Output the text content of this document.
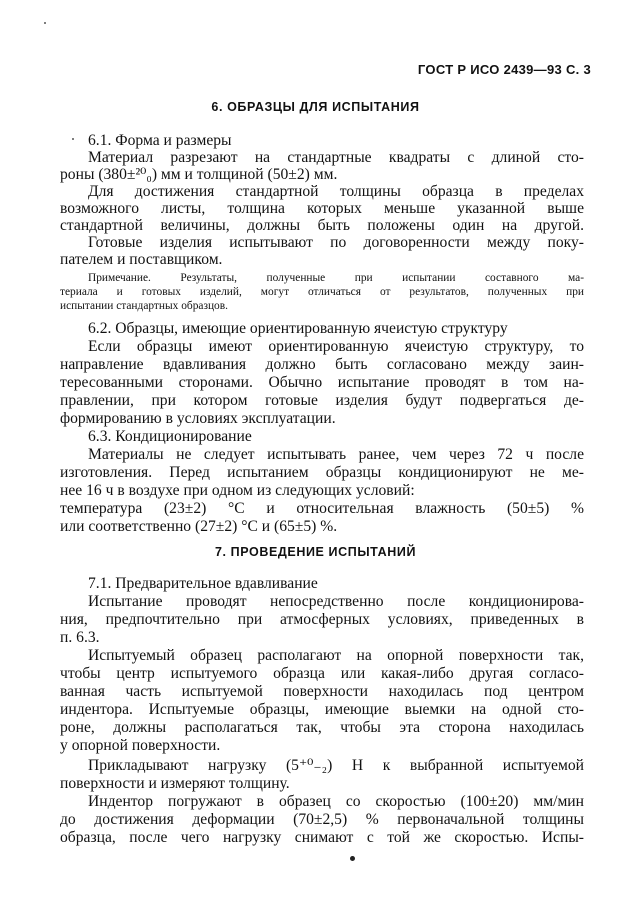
ГОСТ Р ИСО 2439—93 С. 3
6. ОБРАЗЦЫ ДЛЯ ИСПЫТАНИЯ
6.1. Форма и размеры
Материал разрезают на стандартные квадраты с длиной сто-
роны (380±²⁰₀) мм и толщиной (50±2) мм.
Для достижения стандартной толщины образца в пределах
возможного листы, толщина которых меньше указанной выше
стандартной величины, должны быть положены один на другой.
Готовые изделия испытывают по договоренности между поку-
пателем и поставщиком.
Примечание. Результаты, полученные при испытании составного ма-
териала и готовых изделий, могут отличаться от результатов, полученных при
испытании стандартных образцов.
6.2. Образцы, имеющие ориентированную ячеистую структуру
Если образцы имеют ориентированную ячеистую структуру, то
направление вдавливания должно быть согласовано между заин-
тересованными сторонами. Обычно испытание проводят в том на-
правлении, при котором готовые изделия будут подвергаться де-
формированию в условиях эксплуатации.
6.3. Кондиционирование
Материалы не следует испытывать ранее, чем через 72 ч после
изготовления. Перед испытанием образцы кондиционируют не ме-
нее 16 ч в воздухе при одном из следующих условий:
температура (23±2) °С и относительная влажность (50±5) %
или соответственно (27±2) °С и (65±5) %.
7. ПРОВЕДЕНИЕ ИСПЫТАНИЙ
7.1. Предварительное вдавливание
Испытание проводят непосредственно после кондиционирова-
ния, предпочтительно при атмосферных условиях, приведенных в
п. 6.3.
Испытуемый образец располагают на опорной поверхности так,
чтобы центр испытуемого образца или какая-либо другая согласо-
ванная часть испытуемой поверхности находилась под центром
индентора. Испытуемые образцы, имеющие выемки на одной сто-
роне, должны располагаться так, чтобы эта сторона находилась
у опорной поверхности.
Прикладывают нагрузку (5⁺⁰₋₂) Н к выбранной испытуемой
поверхности и измеряют толщину.
Индентор погружают в образец со скоростью (100±20) мм/мин
до достижения деформации (70±2,5) % первоначальной толщины
образца, после чего нагрузку снимают с той же скоростью. Испы-
